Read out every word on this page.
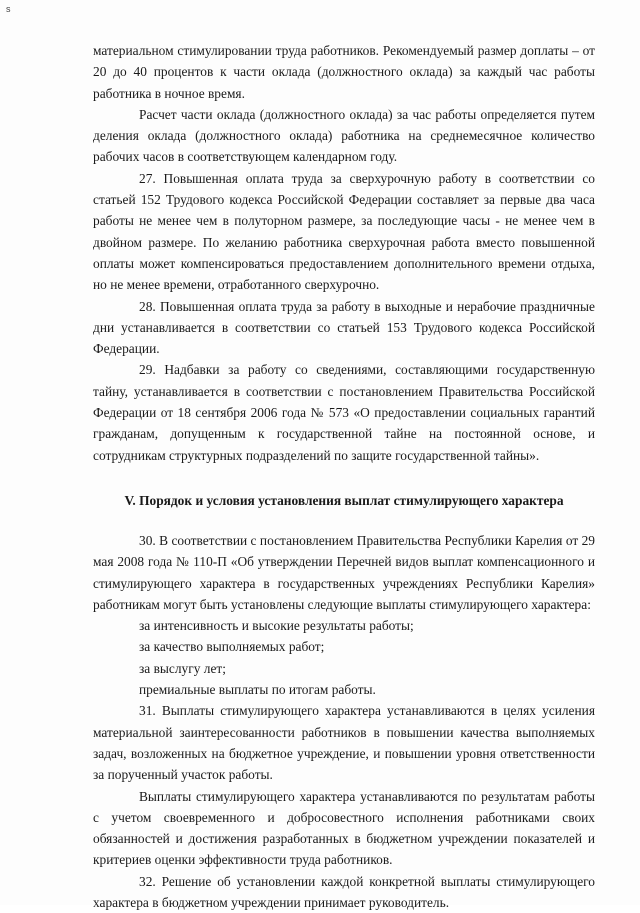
s

материальном стимулировании труда работников. Рекомендуемый размер доплаты – от 20 до 40 процентов к части оклада (должностного оклада) за каждый час работы работника в ночное время.

Расчет части оклада (должностного оклада) за час работы определяется путем деления оклада (должностного оклада) работника на среднемесячное количество рабочих часов в соответствующем календарном году.

27. Повышенная оплата труда за сверхурочную работу в соответствии со статьей 152 Трудового кодекса Российской Федерации составляет за первые два часа работы не менее чем в полуторном размере, за последующие часы - не менее чем в двойном размере. По желанию работника сверхурочная работа вместо повышенной оплаты может компенсироваться предоставлением дополнительного времени отдыха, но не менее времени, отработанного сверхурочно.

28. Повышенная оплата труда за работу в выходные и нерабочие праздничные дни устанавливается в соответствии со статьей 153 Трудового кодекса Российской Федерации.

29. Надбавки за работу со сведениями, составляющими государственную тайну, устанавливается в соответствии с постановлением Правительства Российской Федерации от 18 сентября 2006 года № 573 «О предоставлении социальных гарантий гражданам, допущенным к государственной тайне на постоянной основе, и сотрудникам структурных подразделений по защите государственной тайны».

V. Порядок и условия установления выплат стимулирующего характера

30. В соответствии с постановлением Правительства Республики Карелия от 29 мая 2008 года № 110-П «Об утверждении Перечней видов выплат компенсационного и стимулирующего характера в государственных учреждениях Республики Карелия» работникам могут быть установлены следующие выплаты стимулирующего характера:

за интенсивность и высокие результаты работы;

за качество выполняемых работ;

за выслугу лет;

премиальные выплаты по итогам работы.

31. Выплаты стимулирующего характера устанавливаются в целях усиления материальной заинтересованности работников в повышении качества выполняемых задач, возложенных на бюджетное учреждение, и повышении уровня ответственности за порученный участок работы.

Выплаты стимулирующего характера устанавливаются по результатам работы с учетом своевременного и добросовестного исполнения работниками своих обязанностей и достижения разработанных в бюджетном учреждении показателей и критериев оценки эффективности труда работников.

32. Решение об установлении каждой конкретной выплаты стимулирующего характера в бюджетном учреждении принимает руководитель.
